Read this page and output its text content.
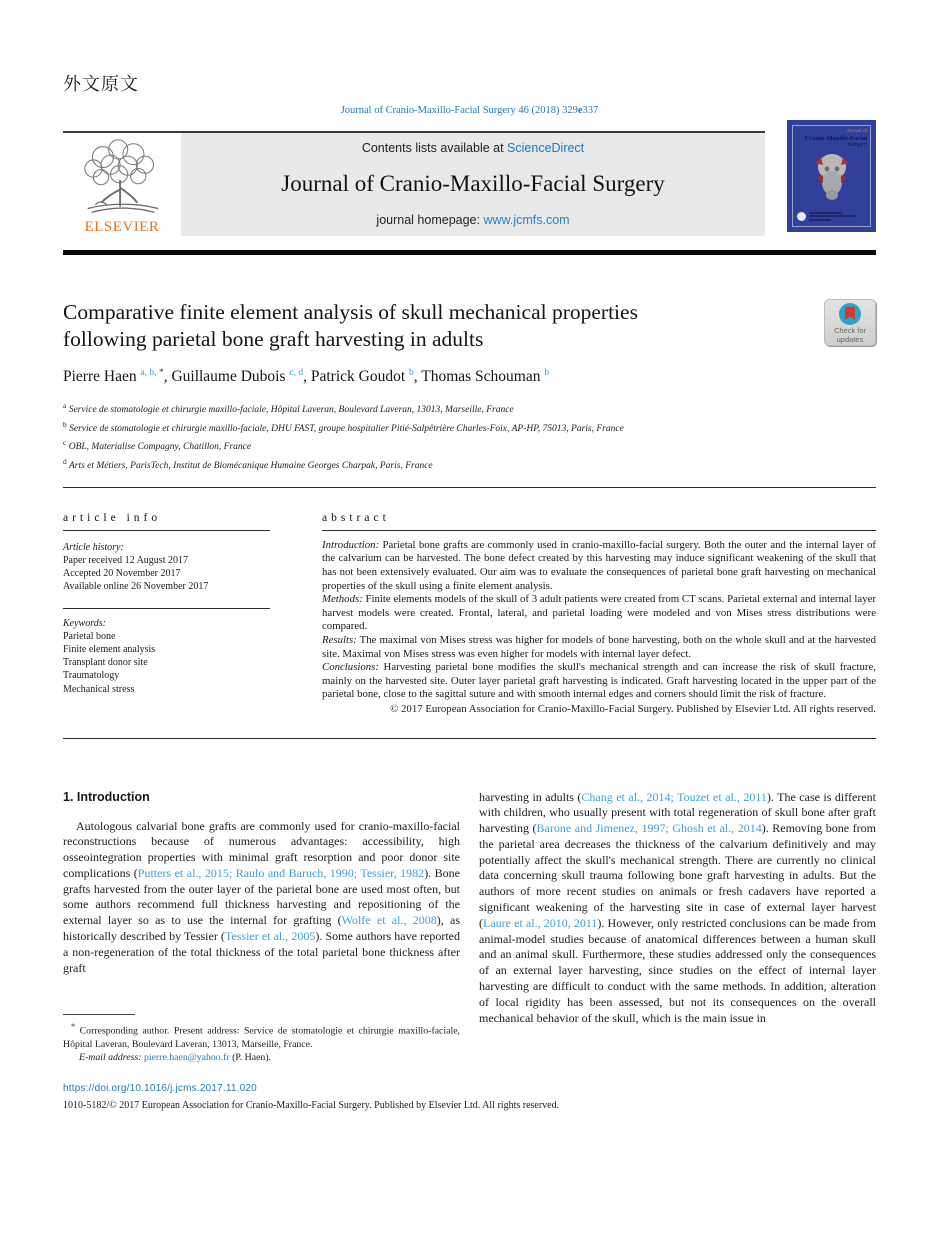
外文原文
Journal of Cranio-Maxillo-Facial Surgery 46 (2018) 329e337
ELSEVIER
Contents lists available at ScienceDirect
Journal of Cranio-Maxillo-Facial Surgery
journal homepage: www.jcmfs.com
Journal of
Cranio-Maxillo-Facial
Surgery
Comparative finite element analysis of skull mechanical properties
following parietal bone graft harvesting in adults	Check for updates
Pierre Haen $^{a, b,}$ *, Guillaume Dubois $^{c, d}$, Patrick Goudot $^b$, Thomas Schouman $^b$
$^a$ Service de stomatologie et chirurgie maxillo-faciale, Hôpital Laveran, Boulevard Laveran, 13013, Marseille, France
$^b$ Service de stomatologie et chirurgie maxillo-faciale, DHU FAST, groupe hospitalier Pitié-Salpêtrière Charles-Foix, AP-HP, 75013, Paris, France
$^c$ OBL, Materialise Compagny, Chatillon, France
$^d$ Arts et Métiers, ParisTech, Institut de Biomécanique Humaine Georges Charpak, Paris, France
article info
Article history:
Paper received 12 August 2017
Accepted 20 November 2017
Available online 26 November 2017
Keywords:
Parietal bone
Finite element analysis
Transplant donor site
Traumatology
Mechanical stress
abstract
Introduction: Parietal bone grafts are commonly used in cranio-maxillo-facial surgery. Both the outer and the internal layer of the calvarium can be harvested. The bone defect created by this harvesting may induce significant weakening of the skull that has not been extensively evaluated. Our aim was to evaluate the consequences of parietal bone graft harvesting on mechanical properties of the skull using a finite element analysis.
Methods: Finite elements models of the skull of 3 adult patients were created from CT scans. Parietal external and internal layer harvest models were created. Frontal, lateral, and parietal loading were modeled and von Mises stress distributions were compared.
Results: The maximal von Mises stress was higher for models of bone harvesting, both on the whole skull and at the harvested site. Maximal von Mises stress was even higher for models with internal layer defect.
Conclusions: Harvesting parietal bone modifies the skull's mechanical strength and can increase the risk of skull fracture, mainly on the harvested site. Outer layer parietal graft harvesting is indicated. Graft harvesting located in the upper part of the parietal bone, close to the sagittal suture and with smooth internal edges and corners should limit the risk of fracture.
© 2017 European Association for Cranio-Maxillo-Facial Surgery. Published by Elsevier Ltd. All rights reserved.
1. Introduction

Autologous calvarial bone grafts are commonly used for cranio-maxillo-facial reconstructions because of numerous advantages: accessibility, high osseointegration properties with minimal graft resorption and poor donor site complications (Putters et al., 2015; Raulo and Baruch, 1990; Tessier, 1982). Bone grafts harvested from the outer layer of the parietal bone are used most often, but some authors recommend full thickness harvesting and repositioning of the external layer so as to use the internal for grafting (Wolfe et al., 2008), as historically described by Tessier (Tessier et al., 2005). Some authors have reported a non-regeneration of the total thickness of the total parietal bone thickness after graft

* Corresponding author. Present address: Service de stomatologie et chirurgie maxillo-faciale, Hôpital Laveran, Boulevard Laveran, 13013, Marseille, France.
E-mail address: pierre.haen@yahoo.fr (P. Haen).

harvesting in adults (Chang et al., 2014; Touzet et al., 2011). The case is different with children, who usually present with total regeneration of skull bone after graft harvesting (Barone and Jimenez, 1997; Ghosh et al., 2014). Removing bone from the parietal area decreases the thickness of the calvarium definitively and may potentially affect the skull's mechanical strength. There are currently no clinical data concerning skull trauma following bone graft harvesting in adults. But the authors of more recent studies on animals or fresh cadavers have reported a significant weakening of the harvesting site in case of external layer harvest (Laure et al., 2010, 2011). However, only restricted conclusions can be made from animal-model studies because of anatomical differences between a human skull and an animal skull. Furthermore, these studies addressed only the consequences of an external layer harvesting, since studies on the effect of internal layer harvesting are difficult to conduct with the same methods. In addition, alteration of local rigidity has been assessed, but not its consequences on the overall mechanical behavior of the skull, which is the main issue in

https://doi.org/10.1016/j.jcms.2017.11.020
1010-5182/© 2017 European Association for Cranio-Maxillo-Facial Surgery. Published by Elsevier Ltd. All rights reserved.
